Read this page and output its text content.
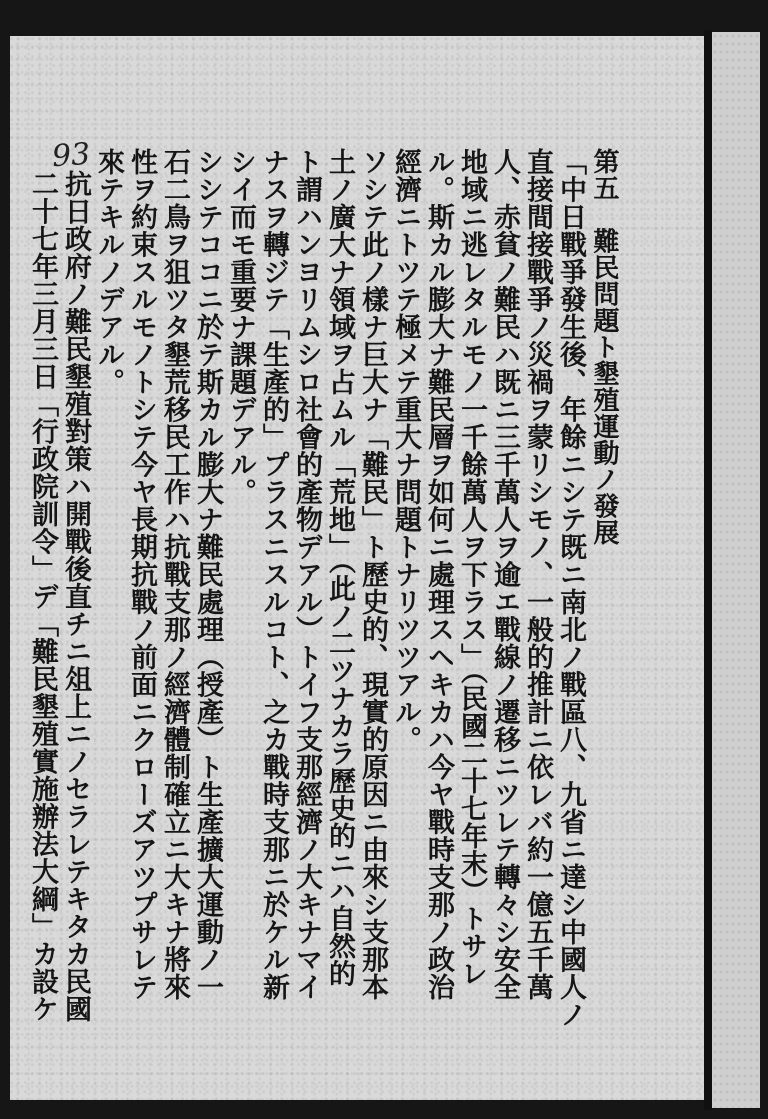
93	第五　難民問題ト墾殖運動ノ發展
「中日戰爭發生後、年餘ニシテ既ニ南北ノ戰區八、九省ニ達シ中國人ノ
直接間接戰爭ノ災禍ヲ蒙リシモノ、一般的推計ニ依レバ約一億五千萬
人、赤貧ノ難民ハ既ニ三千萬人ヲ逾エ戰線ノ遷移ニツレテ轉々シ安全
地域ニ逃レタルモノ一千餘萬人ヲ下ラス」（民國二十七年末）トサレ
ル。斯カル膨大ナ難民層ヲ如何ニ處理スヘキカハ今ヤ戰時支那ノ政治
經濟ニトツテ極メテ重大ナ問題トナリツツアル。
ソシテ此ノ樣ナ巨大ナ「難民」ト歷史的、現實的原因ニ由來シ支那本
土ノ廣大ナ領域ヲ占ムル「荒地」（此ノ二ツナカラ歷史的ニハ自然的
ト謂ハンヨリムシロ社會的產物デアル）トイフ支那經濟ノ大キナマイ
ナスヲ轉ジテ「生產的」プラスニスルコト、之カ戰時支那ニ於ケル新
シイ而モ重要ナ課題デアル。
シシテココニ於テ斯カル膨大ナ難民處理（授產）ト生產擴大運動ノ一
石二鳥ヲ狙ツタ墾荒移民工作ハ抗戰支那ノ經濟體制確立ニ大キナ將來
性ヲ約束スルモノトシテ今ヤ長期抗戰ノ前面ニクローズアツプサレテ
來テキルノデアル。
抗日政府ノ難民墾殖對策ハ開戰後直チニ俎上ニノセラレテキタカ民國
二十七年三月三日「行政院訓令」デ「難民墾殖實施辦法大綱」カ設ケ
